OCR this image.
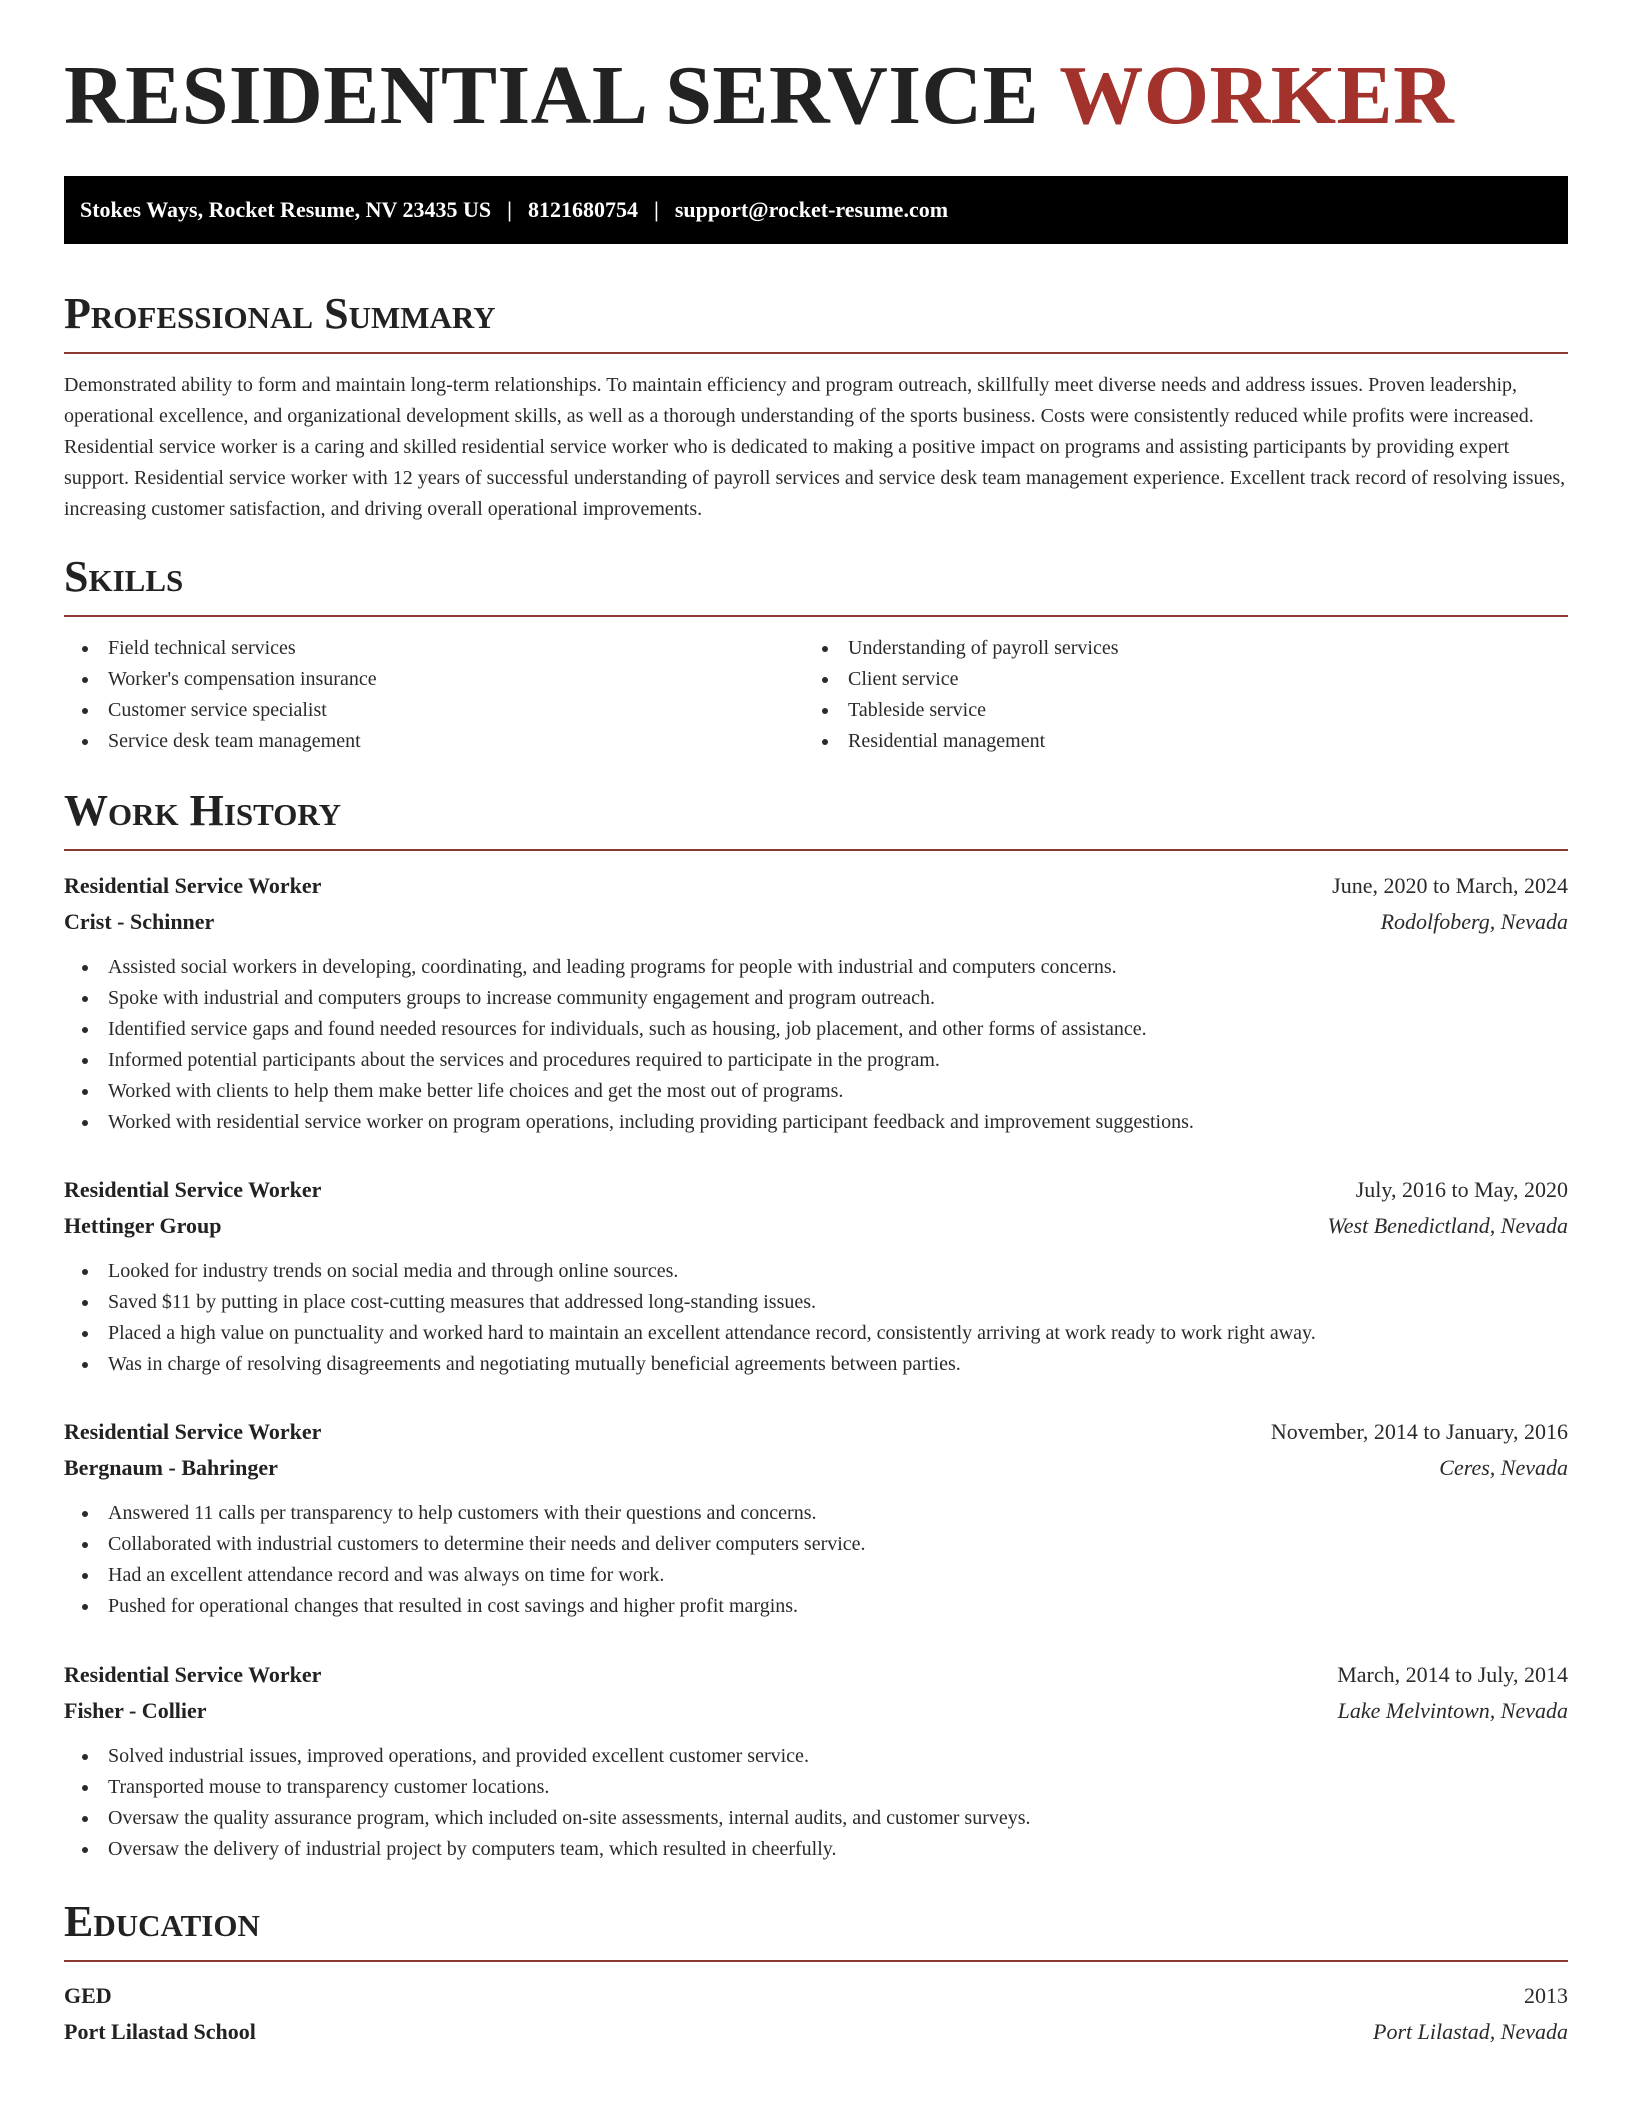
RESIDENTIAL SERVICE WORKER
Stokes Ways, Rocket Resume, NV 23435 US | 8121680754 | support@rocket-resume.com
Professional Summary

Demonstrated ability to form and maintain long-term relationships. To maintain efficiency and program outreach, skillfully meet diverse needs and address issues. Proven leadership, operational excellence, and organizational development skills, as well as a thorough understanding of the sports business. Costs were consistently reduced while profits were increased. Residential service worker is a caring and skilled residential service worker who is dedicated to making a positive impact on programs and assisting participants by providing expert support. Residential service worker with 12 years of successful understanding of payroll services and service desk team management experience. Excellent track record of resolving issues, increasing customer satisfaction, and driving overall operational improvements.

Skills
Field technical services
Worker's compensation insurance
Customer service specialist
Service desk team management
Understanding of payroll services
Client service
Tableside service
Residential management
Work History
Residential Service Worker	June, 2020 to March, 2024
Crist - Schinner	Rodolfoberg, Nevada
Assisted social workers in developing, coordinating, and leading programs for people with industrial and computers concerns.
Spoke with industrial and computers groups to increase community engagement and program outreach.
Identified service gaps and found needed resources for individuals, such as housing, job placement, and other forms of assistance.
Informed potential participants about the services and procedures required to participate in the program.
Worked with clients to help them make better life choices and get the most out of programs.
Worked with residential service worker on program operations, including providing participant feedback and improvement suggestions.
Residential Service Worker	July, 2016 to May, 2020
Hettinger Group	West Benedictland, Nevada
Looked for industry trends on social media and through online sources.
Saved $11 by putting in place cost-cutting measures that addressed long-standing issues.
Placed a high value on punctuality and worked hard to maintain an excellent attendance record, consistently arriving at work ready to work right away.
Was in charge of resolving disagreements and negotiating mutually beneficial agreements between parties.
Residential Service Worker	November, 2014 to January, 2016
Bergnaum - Bahringer	Ceres, Nevada
Answered 11 calls per transparency to help customers with their questions and concerns.
Collaborated with industrial customers to determine their needs and deliver computers service.
Had an excellent attendance record and was always on time for work.
Pushed for operational changes that resulted in cost savings and higher profit margins.
Residential Service Worker	March, 2014 to July, 2014
Fisher - Collier	Lake Melvintown, Nevada
Solved industrial issues, improved operations, and provided excellent customer service.
Transported mouse to transparency customer locations.
Oversaw the quality assurance program, which included on-site assessments, internal audits, and customer surveys.
Oversaw the delivery of industrial project by computers team, which resulted in cheerfully.
Education
GED	2013
Port Lilastad School	Port Lilastad, Nevada
